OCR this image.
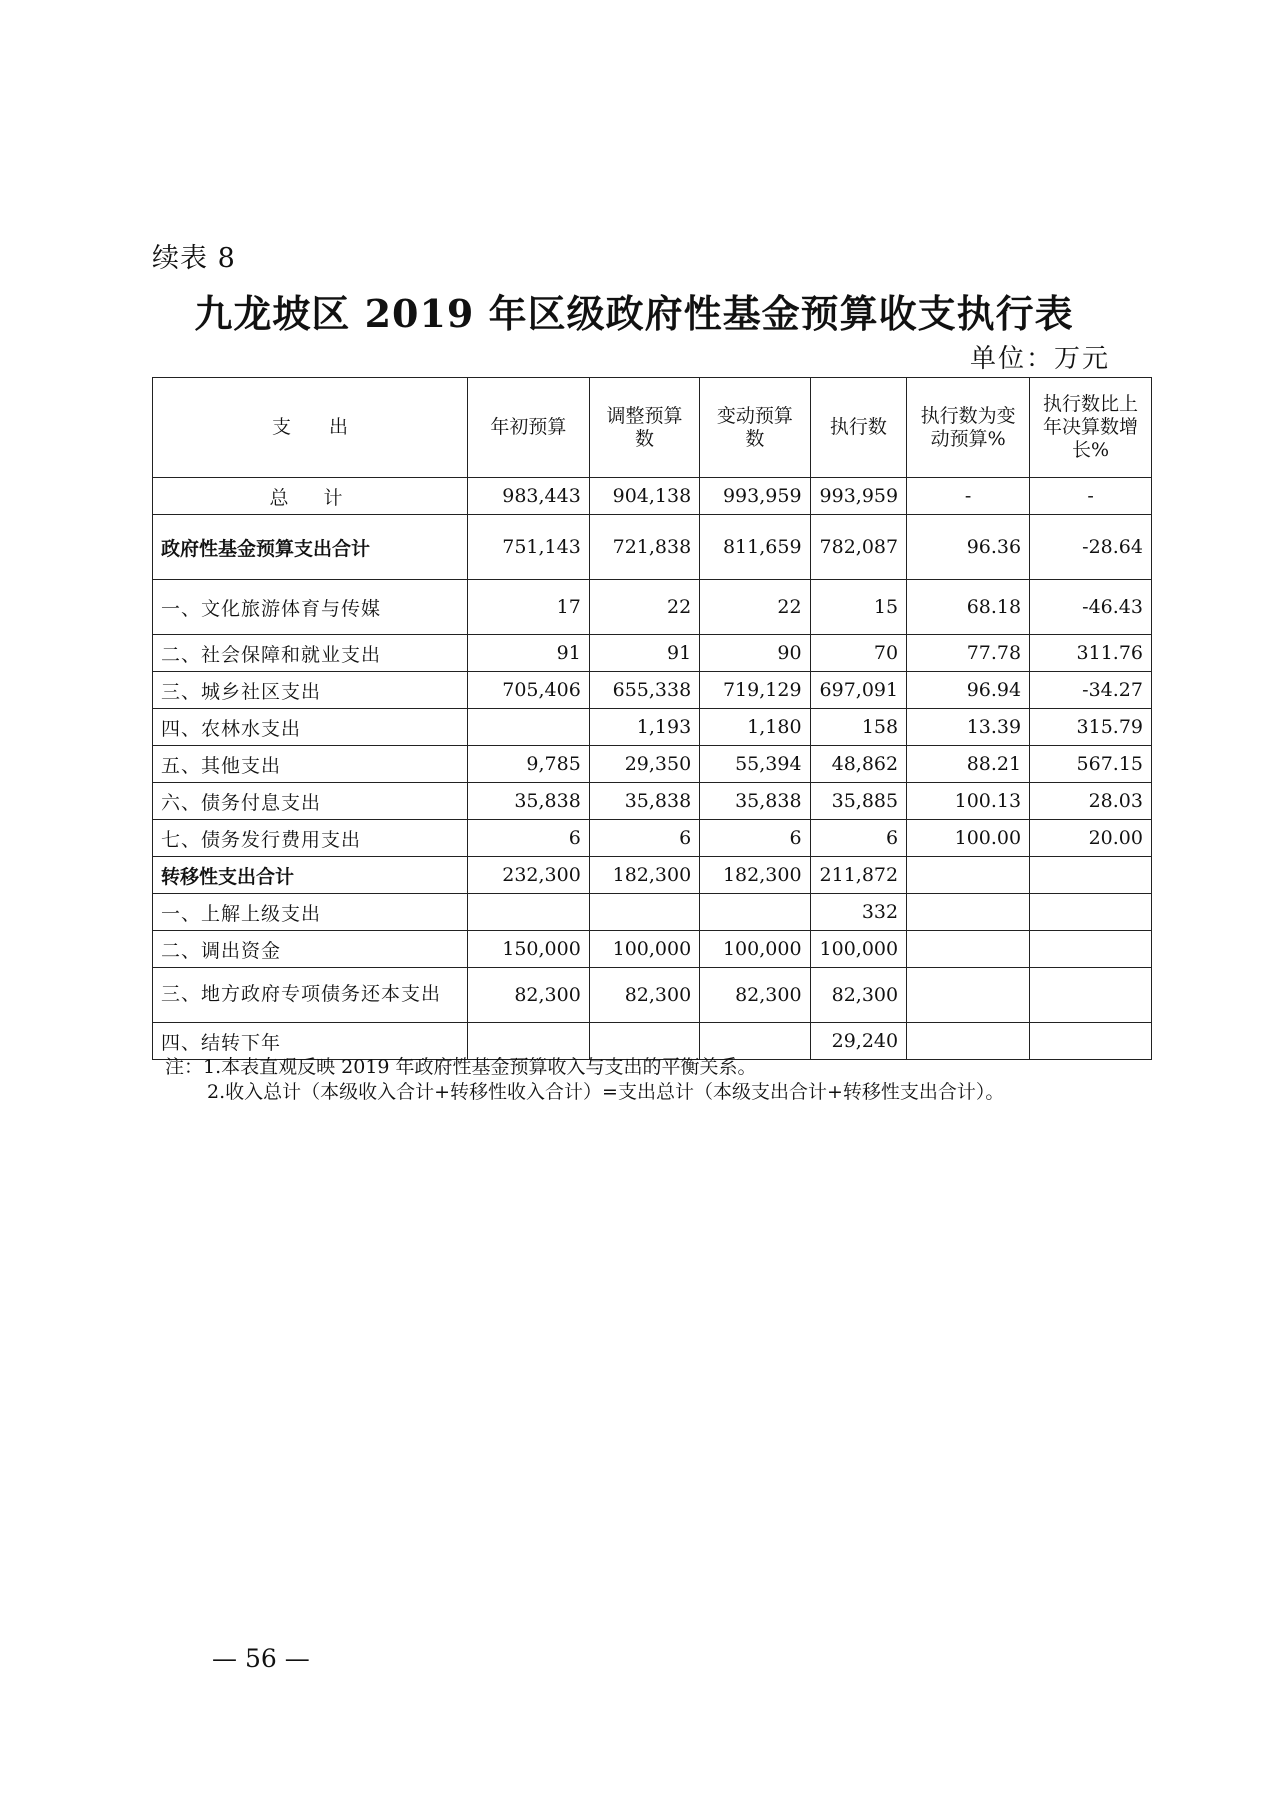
续表 8
九龙坡区 2019 年区级政府性基金预算收支执行表
单位：万元
支　　出	年初预算	调整预算数	变动预算数	执行数	执行数为变动预算%	执行数比上年决算数增长%
总　计	983,443	904,138	993,959	993,959	-	-
政府性基金预算支出合计	751,143	721,838	811,659	782,087	96.36	-28.64
一、文化旅游体育与传媒	17	22	22	15	68.18	-46.43
二、社会保障和就业支出	91	91	90	70	77.78	311.76
三、城乡社区支出	705,406	655,338	719,129	697,091	96.94	-34.27
四、农林水支出		1,193	1,180	158	13.39	315.79
五、其他支出	9,785	29,350	55,394	48,862	88.21	567.15
六、债务付息支出	35,838	35,838	35,838	35,885	100.13	28.03
七、债务发行费用支出	6	6	6	6	100.00	20.00
转移性支出合计	232,300	182,300	182,300	211,872		
一、上解上级支出				332		
二、调出资金	150,000	100,000	100,000	100,000		
三、地方政府专项债务还本支出	82,300	82,300	82,300	82,300		
四、结转下年				29,240		
注：1.本表直观反映 2019 年政府性基金预算收入与支出的平衡关系。
2.收入总计（本级收入合计+转移性收入合计）=支出总计（本级支出合计+转移性支出合计）。
— 56 —
